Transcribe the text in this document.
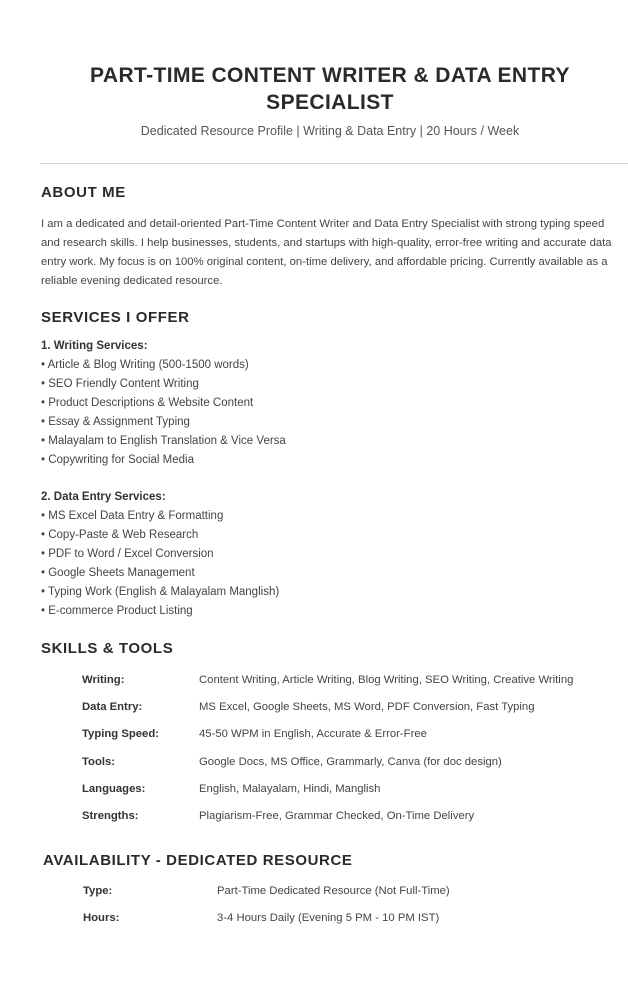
PART-TIME CONTENT WRITER & DATA ENTRY
SPECIALIST
Dedicated Resource Profile | Writing & Data Entry | 20 Hours / Week
ABOUT ME
I am a dedicated and detail-oriented Part-Time Content Writer and Data Entry Specialist with strong typing speed and research skills. I help businesses, students, and startups with high-quality, error-free writing and accurate data entry work. My focus is on 100% original content, on-time delivery, and affordable pricing. Currently available as a reliable evening dedicated resource.
SERVICES I OFFER
1. Writing Services:
• Article & Blog Writing (500-1500 words)
• SEO Friendly Content Writing
• Product Descriptions & Website Content
• Essay & Assignment Typing
• Malayalam to English Translation & Vice Versa
• Copywriting for Social Media
2. Data Entry Services:
• MS Excel Data Entry & Formatting
• Copy-Paste & Web Research
• PDF to Word / Excel Conversion
• Google Sheets Management
• Typing Work (English & Malayalam Manglish)
• E-commerce Product Listing
SKILLS & TOOLS
Writing:	Content Writing, Article Writing, Blog Writing, SEO Writing, Creative Writing
Data Entry:	MS Excel, Google Sheets, MS Word, PDF Conversion, Fast Typing
Typing Speed:	45-50 WPM in English, Accurate & Error-Free
Tools:	Google Docs, MS Office, Grammarly, Canva (for doc design)
Languages:	English, Malayalam, Hindi, Manglish
Strengths:	Plagiarism-Free, Grammar Checked, On-Time Delivery
AVAILABILITY - DEDICATED RESOURCE
Type:	Part-Time Dedicated Resource (Not Full-Time)
Hours:	3-4 Hours Daily (Evening 5 PM - 10 PM IST)
